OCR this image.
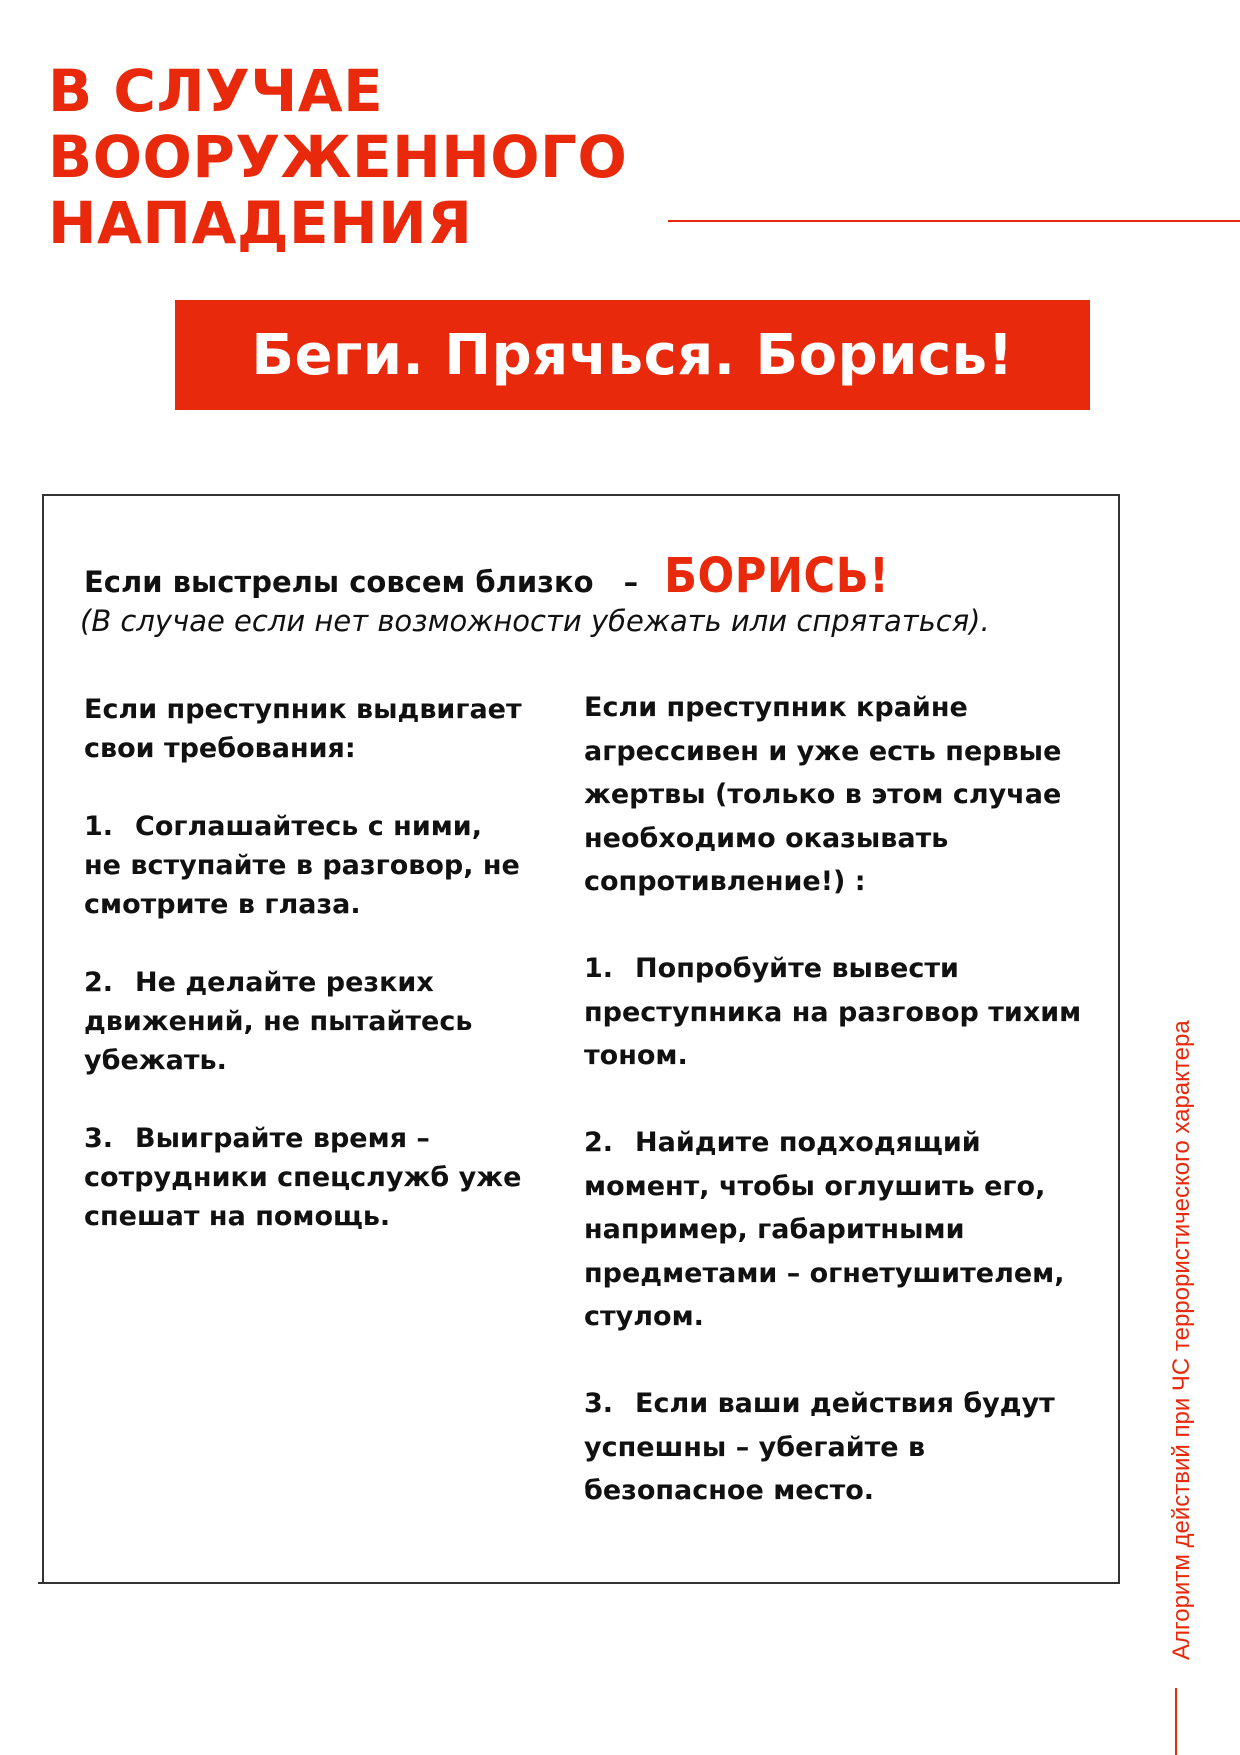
В СЛУЧАЕ
ВООРУЖЕННОГО
НАПАДЕНИЯ
Беги. Прячься. Борись!
Если выстрелы совсем близко – БОРИСЬ!

(В случае если нет возможности убежать или спрятаться).

Если преступник выдвигает свои требования:

1. Соглашайтесь с ними, не вступайте в разговор, не смотрите в глаза.

2. Не делайте резких движений, не пытайтесь убежать.

3. Выиграйте время – сотрудники спецслужб уже спешат на помощь.

Если преступник крайне агрессивен и уже есть первые жертвы (только в этом случае необходимо оказывать сопротивление!) :

1. Попробуйте вывести преступника на разговор тихим тоном.

2. Найдите подходящий момент, чтобы оглушить его, например, габаритными предметами – огнетушителем, стулом.

3. Если ваши действия будут успешны – убегайте в безопасное место.	Алгоритм действий при ЧС террористического характера
